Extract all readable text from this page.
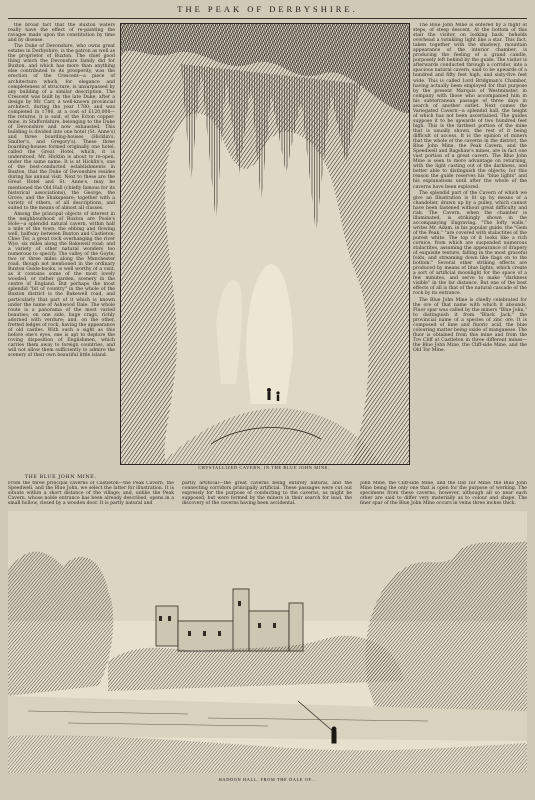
THE PEAK OF DERBYSHIRE.

the broad fact that the Buxton waters really have the effect of re-painting the ravages made upon the constitution by time and by disease.

The Duke of Devonshire, who owns great estates in Derbyshire, is the patron as well as the proprietor of Buxton. The chief good thing which the Devonshire family did for Buxton, and which has more than anything else contributed to its prosperity, was the erection of the Crescent—a piece of architecture which, for elegance and completeness of structure, is unsurpassed by any building of a similar description. The Crescent was built by the late Duke, after a design by Mr. Carr, a well-known provincial architect, during the year 1780; and was completed in 1786, at a cost of £120,000—the returns, it is said, of the Ecton copper-mine, in Staffordshire, belonging to the Duke of Devonshire and now exhausted. This building is divided into one hotel (St. Anne's) and three boarding-houses (Hicklin's, Smilter's, and Gregory's). These three boarding-houses formed originally one hotel, called the Great Hotel, which, it is understood, Mr. Hicklin is about to re-open, under the same name. It is at Hicklin's, one of the best-conducted establishments in Buxton, that the Duke of Devonshire resides during his annual visit. Next to these are the Great Hotel and St. Anne's, may be mentioned the Old Hall (chiefly famous for its historical associations), the George, the Grove, and the Shakspeare; together with a variety of others, of all descriptions, and suited to the means of almost all classes.

Among the principal objects of interest in the neighbourhood of Buxton are Poole's Hole—a splendid natural cavern, within half a mile of the town; the ebbing and flowing well, halfway between Buxton and Castleton; Chee Tor, a great rock overhanging the river Wye, six miles along the Bakewell road; and a variety of other natural wonders too numerous to specify. The valley of the Goyte, two or three miles along the Manchester road, though not mentioned in the ordinary Buxton Guide-books, is well worthy of a visit, as it contains some of the most lovely wooded, or rather garden, scenery in the centre of England. But perhaps the most splendid "bit of country" in the whole of the Buxton district is the Bakewell road, and particularly that part of it which is known under the name of Ashwood Dale. The whole route is a panorama of the most varied beauties; on one side, huge crags, richly adorned with verdure; and, on the other, fretted ledges of rock, having the appearance of old castles. With such a sight as this before one's eyes, one is apt to deplore the roving disposition of Englishmen, which carries them away to foreign countries, and will not allow them sufficiently to admire the scenery of their own beautiful little island.

CRYSTALLIZED CAVERN, IN THE BLUE JOHN MINE.

The Blue John Mine is entered by a flight of steps, of steep descent. At the bottom of this stair the visitor, on looking back, beholds overhead a twinkling light like a star. This fact, taken together with the shadowy, mountain appearance of the interior chamber, is producing the feeling of a grand candle, purposely left behind by the guide. The visitor is afterwards conducted through a corridor, into a spacious natural cavern, said to be upwards of a hundred and fifty feet high, and sixty-five feet wide. This is called Lord Bridgman's Chamber, having actually been employed for that purpose by the present Marquis of Westminster, in company with those who accompanied him in his subterranean passage of three days in search of another outlet. Next comes the Variegated Cavern—a splendid hall, the height of which has not been ascertained. The guides suppose it to be upwards of two hundred feet high. This is the farthest portion of the mine that is usually shown, the rest of it being difficult of access. It is the opinion of miners that the whole of the caverns in the district, the Blue John Mine, the Peak Cavern, and the Speedwell and Bagshaw's mines, are in fact one vast portion of a great cavern. The Blue John Mine is seen to more advantage on returning, with the light casting out of the darkness, and better able to distinguish the objects; for this reason the guide reserves his "blue lights" and his explanations until after the whole of the caverns have been explored.

The splendid part of the Cavern of which we give an Illustration is lit up by means of a chandelier, drawn up by a pulley, which cannot have been fastened without great difficulty and risk. The Cavern, when the chamber is illuminated, is strikingly shown in the accompanying Engraving. "The lofty walls," writes Mr. Adam, in his popular guide, the "Gem of the Peak," "are covered with stalactites of the purest white. The top of it looks like a rich cornice, from which are suspended numerous stalactites, assuming the appearance of drapery of exquisite texture, falling in the most graceful folds, and streaming down like flags on to the bottom." Several other striking effects are produced by means of blue lights, which create a sort of artificial moonlight for the space of a few minutes, and serve to make "darkness visible" in the far distance. But one of the best effects of all is that of the natural cascade of the rock by its entrance.

The Blue John Mine is chiefly celebrated for the ore of that name with which it abounds. Fluor spar was called by the miners "Blue John," to distinguish it from "Black Jack," the provincial name of a species of zinc ore. It is composed of lime and fluoric acid, the blue colouring matter being oxide of manganese. The fluor is obtained from this mine and from the Tre Cliff at Castleton in three different mines—the Blue John Mine, the Cliff-side Mine, and the Old Tor Mine.

THE BLUE JOHN MINE.
From the three principal caverns of Castleton—the Peak Cavern, the Speedwell, and the Blue John, we select the latter for illustration. It is situate within a short distance of the village; and, unlike the Peak Cavern, whose noble entrance has been already described, opens in a small hollow, closed by a wooden door. It is partly natural and
partly artificial—the great caverns being entirely natural, and the connecting corridors principally artificial. These passages were cut out expressly for the purpose of conducting to the caverns, as might be supposed, but were formed by the miners in their search for lead, the discovery of the caverns having been accidental.
John Mine, the Cliff-side Mine, and the Old Tor Mine: the Blue John Mine being the only one that is open for the purpose of working. The specimens from these caverns, however, although all so near each other are said to differ very materially as to colour and shape. The finer spar of the Blue John Mine occurs in veins three inches thick.
HADDON HALL, FROM THE DALE OF...
